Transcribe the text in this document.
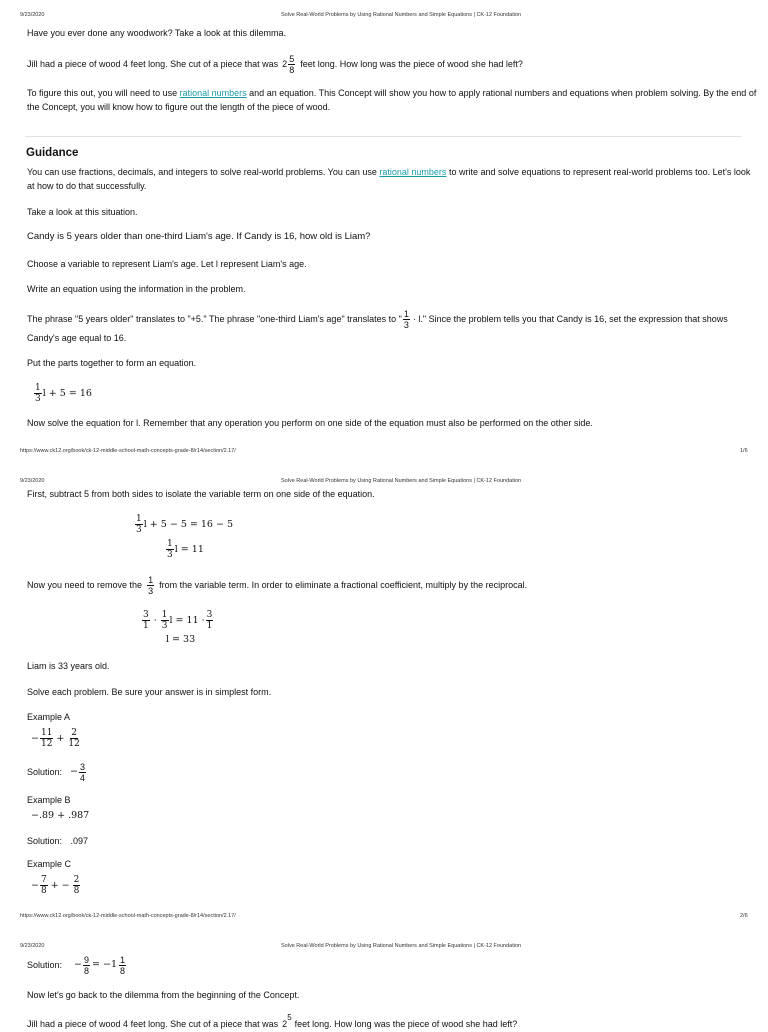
9/23/2020	Solve Real-World Problems by Using Rational Numbers and Simple Equations | CK-12 Foundation
Have you ever done any woodwork? Take a look at this dilemma.
Jill had a piece of wood 4 feet long. She cut of a piece that was $2 \frac{5}{8}$ feet long. How long was the piece of wood she had left?
To figure this out, you will need to use rational numbers and an equation. This Concept will show you how to apply rational numbers and equations when problem solving. By the end of
the Concept, you will know how to figure out the length of the piece of wood.
Guidance
You can use fractions, decimals, and integers to solve real-world problems. You can use rational numbers to write and solve equations to represent real-world problems too. Let's look
at how to do that successfully.
Take a look at this situation.
Candy is 5 years older than one-third Liam's age. If Candy is 16, how old is Liam?
Choose a variable to represent Liam's age. Let l represent Liam's age.
Write an equation using the information in the problem.
The phrase "5 years older" translates to "+5." The phrase "one-third Liam's age" translates to " $\frac{1}{3} \cdot l$." Since the problem tells you that Candy is 16, set the expression that shows
Candy's age equal to 16.
Put the parts together to form an equation.
$\frac{1}{3}$ l + 5 = 16
Now solve the equation for l. Remember that any operation you perform on one side of the equation must also be performed on the other side.
https://www.ck12.org/book/ck-12-middle-school-math-concepts-grade-8/r14/section/2.17/	1/6
9/23/2020	Solve Real-World Problems by Using Rational Numbers and Simple Equations | CK-12 Foundation
First, subtract 5 from both sides to isolate the variable term on one side of the equation.
$\frac{1}{3}$ l + 5 − 5 = 16 − 5
$\frac{1}{3}$ l = 11
Now you need to remove the $\frac{1}{3}$ from the variable term. In order to eliminate a fractional coefficient, multiply by the reciprocal.
$\frac{3}{1} \cdot \frac{1}{3}$ $l = 11 \cdot \frac{3}{1}$
l = 33
Liam is 33 years old.
Solve each problem. Be sure your answer is in simplest form.
Example A
− $\frac{11}{12} + \frac{2}{12}$
Solution: − $\frac{3}{4}$
Example B
−.89 + .987
Solution: .097
Example C
− $\frac{7}{8}$ + − $\frac{2}{8}$
https://www.ck12.org/book/ck-12-middle-school-math-concepts-grade-8/r14/section/2.17/	2/6
9/23/2020	Solve Real-World Problems by Using Rational Numbers and Simple Equations | CK-12 Foundation
Solution: − $\frac{9}{8} = -1 \frac{1}{8}$
Now let's go back to the dilemma from the beginning of the Concept.
Jill had a piece of wood 4 feet long. She cut of a piece that was 2
5
feet long. How long was the piece of wood she had left?
